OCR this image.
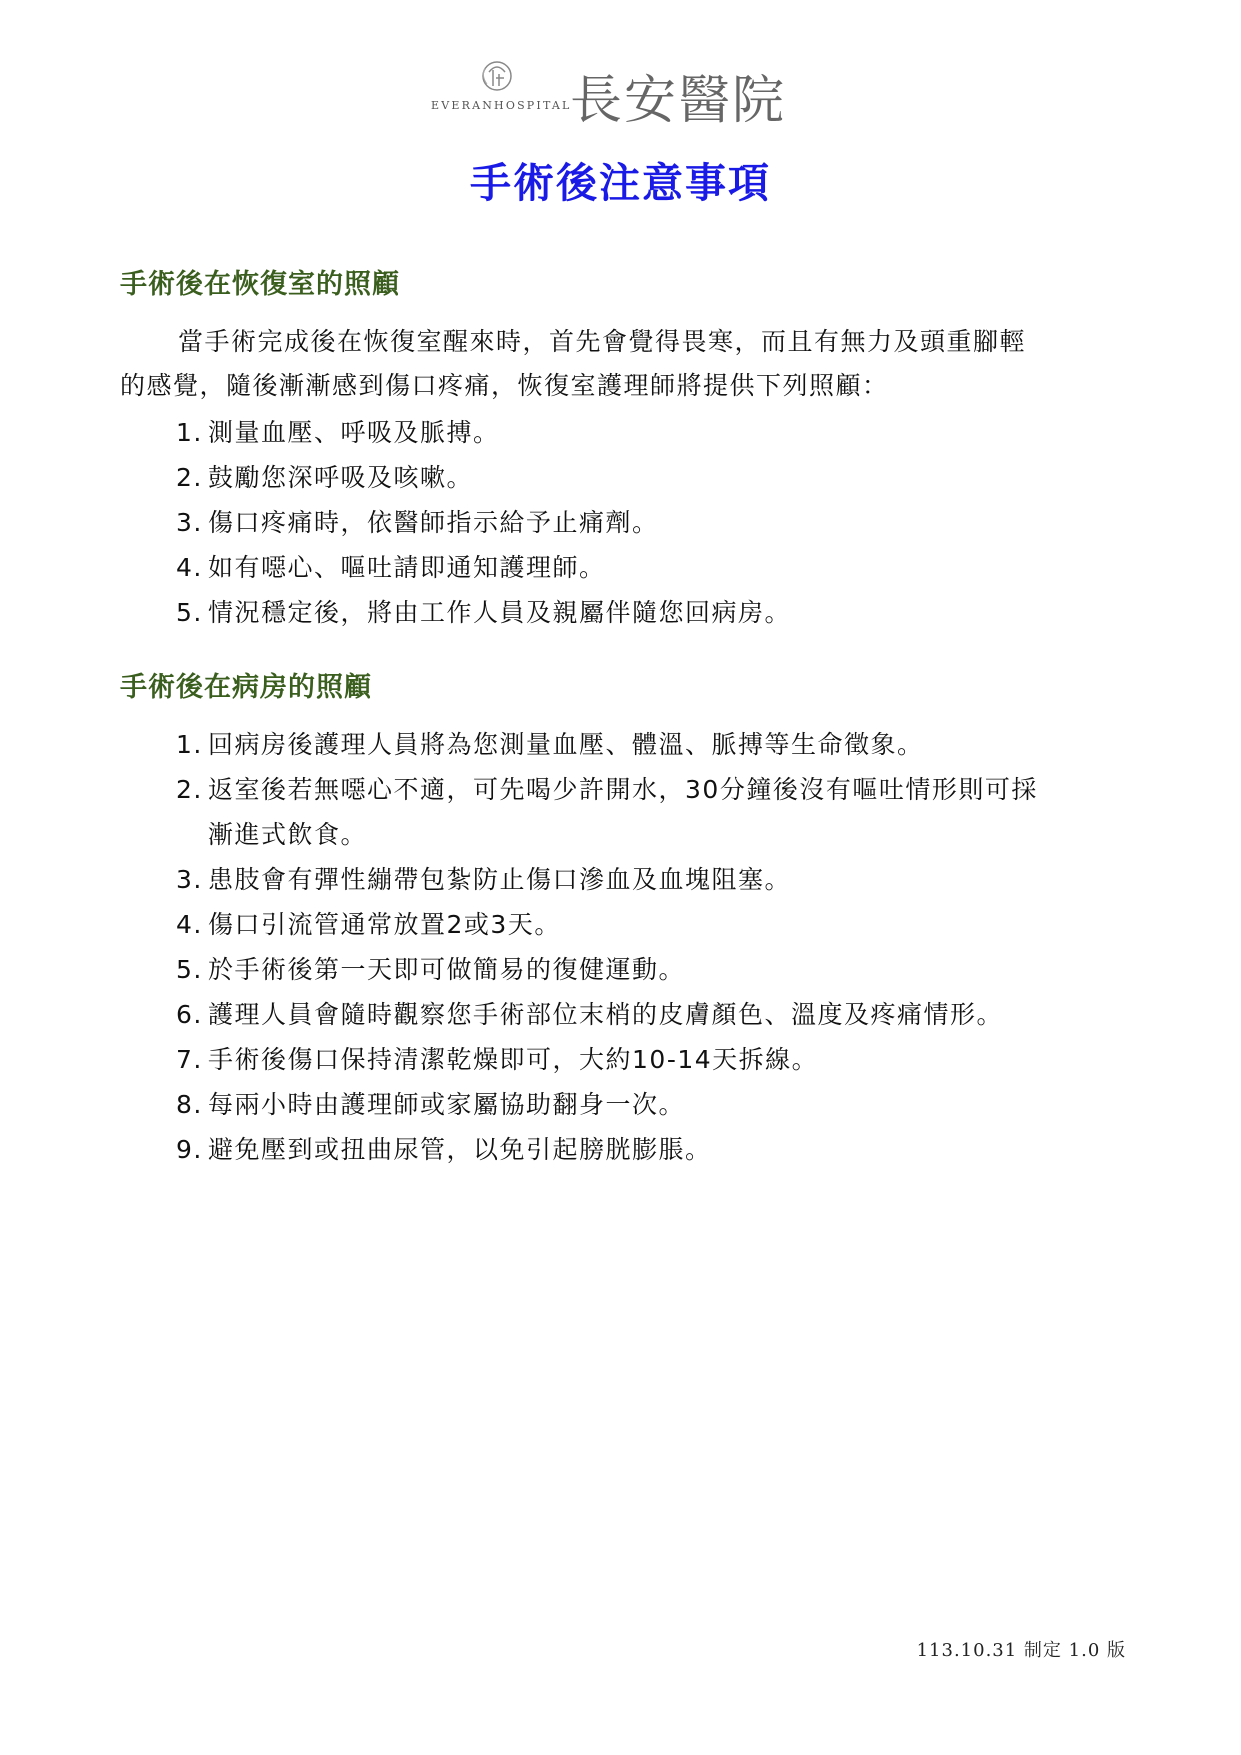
EVERANHOSPITAL
長安醫院
手術後注意事項
手術後在恢復室的照顧
當手術完成後在恢復室醒來時，首先會覺得畏寒，而且有無力及頭重腳輕
的感覺，隨後漸漸感到傷口疼痛，恢復室護理師將提供下列照顧：
1. 測量血壓、呼吸及脈搏。
2. 鼓勵您深呼吸及咳嗽。
3. 傷口疼痛時，依醫師指示給予止痛劑。
4. 如有噁心、嘔吐請即通知護理師。
5. 情況穩定後，將由工作人員及親屬伴隨您回病房。
手術後在病房的照顧
1. 回病房後護理人員將為您測量血壓、體溫、脈搏等生命徵象。
2. 返室後若無噁心不適，可先喝少許開水，30分鐘後沒有嘔吐情形則可採
漸進式飲食。
3. 患肢會有彈性繃帶包紮防止傷口滲血及血塊阻塞。
4. 傷口引流管通常放置2或3天。
5. 於手術後第一天即可做簡易的復健運動。
6. 護理人員會隨時觀察您手術部位末梢的皮膚顏色、溫度及疼痛情形。
7. 手術後傷口保持清潔乾燥即可，大約10-14天拆線。
8. 每兩小時由護理師或家屬協助翻身一次。
9. 避免壓到或扭曲尿管，以免引起膀胱膨脹。
113.10.31 制定 1.0 版
